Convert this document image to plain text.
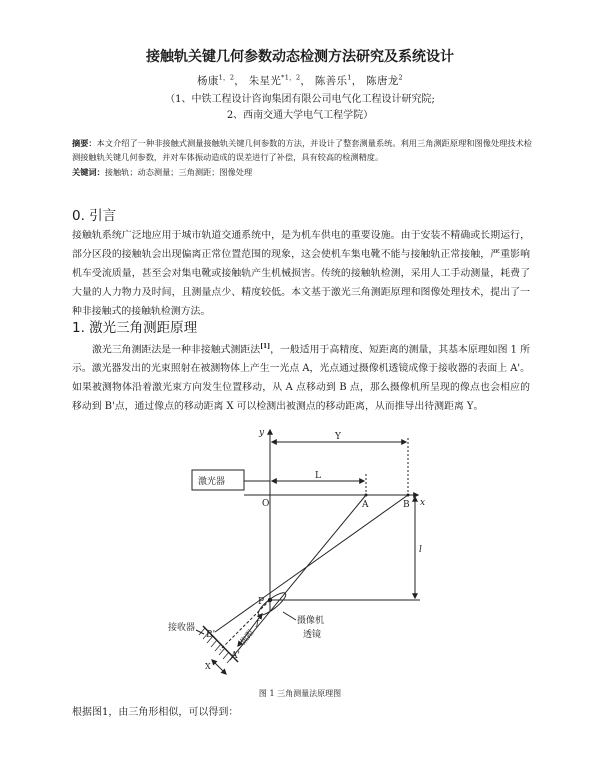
接触轨关键几何参数动态检测方法研究及系统设计
杨康$^{1,2}$， 朱星光$^{*1,2}$， 陈善乐$^1$， 陈唐龙$^2$
（1、中铁工程设计咨询集团有限公司电气化工程设计研究院;
2、西南交通大学电气工程学院）
摘要：本文介绍了一种非接触式测量接触轨关键几何参数的方法，并设计了整套测量系统。利用三角测距原理和图像处理技术检测接触轨关键几何参数，并对车体振动造成的误差进行了补偿，具有较高的检测精度。
关键词：接触轨；动态测量；三角测距；图像处理
0. 引言
接触轨系统广泛地应用于城市轨道交通系统中，是为机车供电的重要设施。由于安装不精确或长期运行，部分区段的接触轨会出现偏离正常位置范围的现象，这会使机车集电靴不能与接触轨正常接触，严重影响机车受流质量，甚至会对集电靴或接触轨产生机械损害。传统的接触轨检测，采用人工手动测量，耗费了大量的人力物力及时间，且测量点少、精度较低。本文基于激光三角测距原理和图像处理技术，提出了一种非接触式的接触轨检测方法。
1. 激光三角测距原理
激光三角测距法是一种非接触式测距法[1]，一般适用于高精度、短距离的测量，其基本原理如图 1 所示。激光器发出的光束照射在被测物体上产生一光点 A，光点通过摄像机透镜成像于接收器的表面上 A'。如果被测物体沿着激光束方向发生位置移动，从 A 点移动到 B 点，那么摄像机所呈现的像点也会相应的移动到 B'点，通过像点的移动距离 X 可以检测出被测点的移动距离，从而推导出待测距离 Y。
y
x
Y
L
激光器
O	A	B
l
P
摄像机
透镜
接收器
B'
A'
焦距
f
X
图 1 三角测量法原理图
根据图1，由三角形相似，可以得到：
